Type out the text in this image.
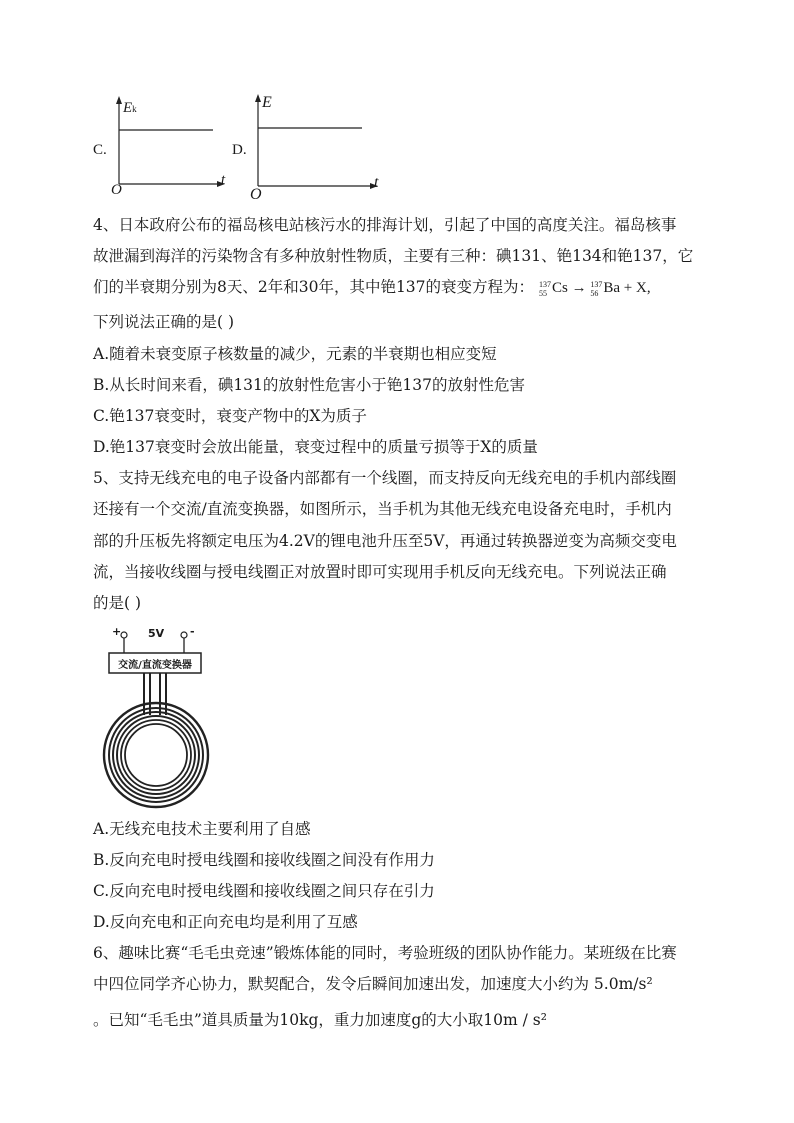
C.
Ek
O
t
D.
E
O
t
4、日本政府公布的福岛核电站核污水的排海计划，引起了中国的高度关注。福岛核事
故泄漏到海洋的污染物含有多种放射性物质，主要有三种：碘131、铯134和铯137，它
们的半衰期分别为8天、2年和30年，其中铯137的衰变方程为： 137
55 Cs → 137
56 Ba + X,
下列说法正确的是( )
A.随着未衰变原子核数量的减少，元素的半衰期也相应变短
B.从长时间来看，碘131的放射性危害小于铯137的放射性危害
C.铯137衰变时，衰变产物中的X为质子
D.铯137衰变时会放出能量，衰变过程中的质量亏损等于X的质量
5、支持无线充电的电子设备内部都有一个线圈，而支持反向无线充电的手机内部线圈
还接有一个交流/直流变换器，如图所示，当手机为其他无线充电设备充电时，手机内
部的升压板先将额定电压为4.2V的锂电池升压至5V，再通过转换器逆变为高频交变电
流，当接收线圈与授电线圈正对放置时即可实现用手机反向无线充电。下列说法正确
的是( )
+ 5V -
交流/直流变换器
A.无线充电技术主要利用了自感
B.反向充电时授电线圈和接收线圈之间没有作用力
C.反向充电时授电线圈和接收线圈之间只存在引力
D.反向充电和正向充电均是利用了互感
6、趣味比赛“毛毛虫竞速”锻炼体能的同时，考验班级的团队协作能力。某班级在比赛
中四位同学齐心协力，默契配合，发令后瞬间加速出发，加速度大小约为 5.0m/s²
。已知“毛毛虫”道具质量为10kg，重力加速度g的大小取10m / s²
